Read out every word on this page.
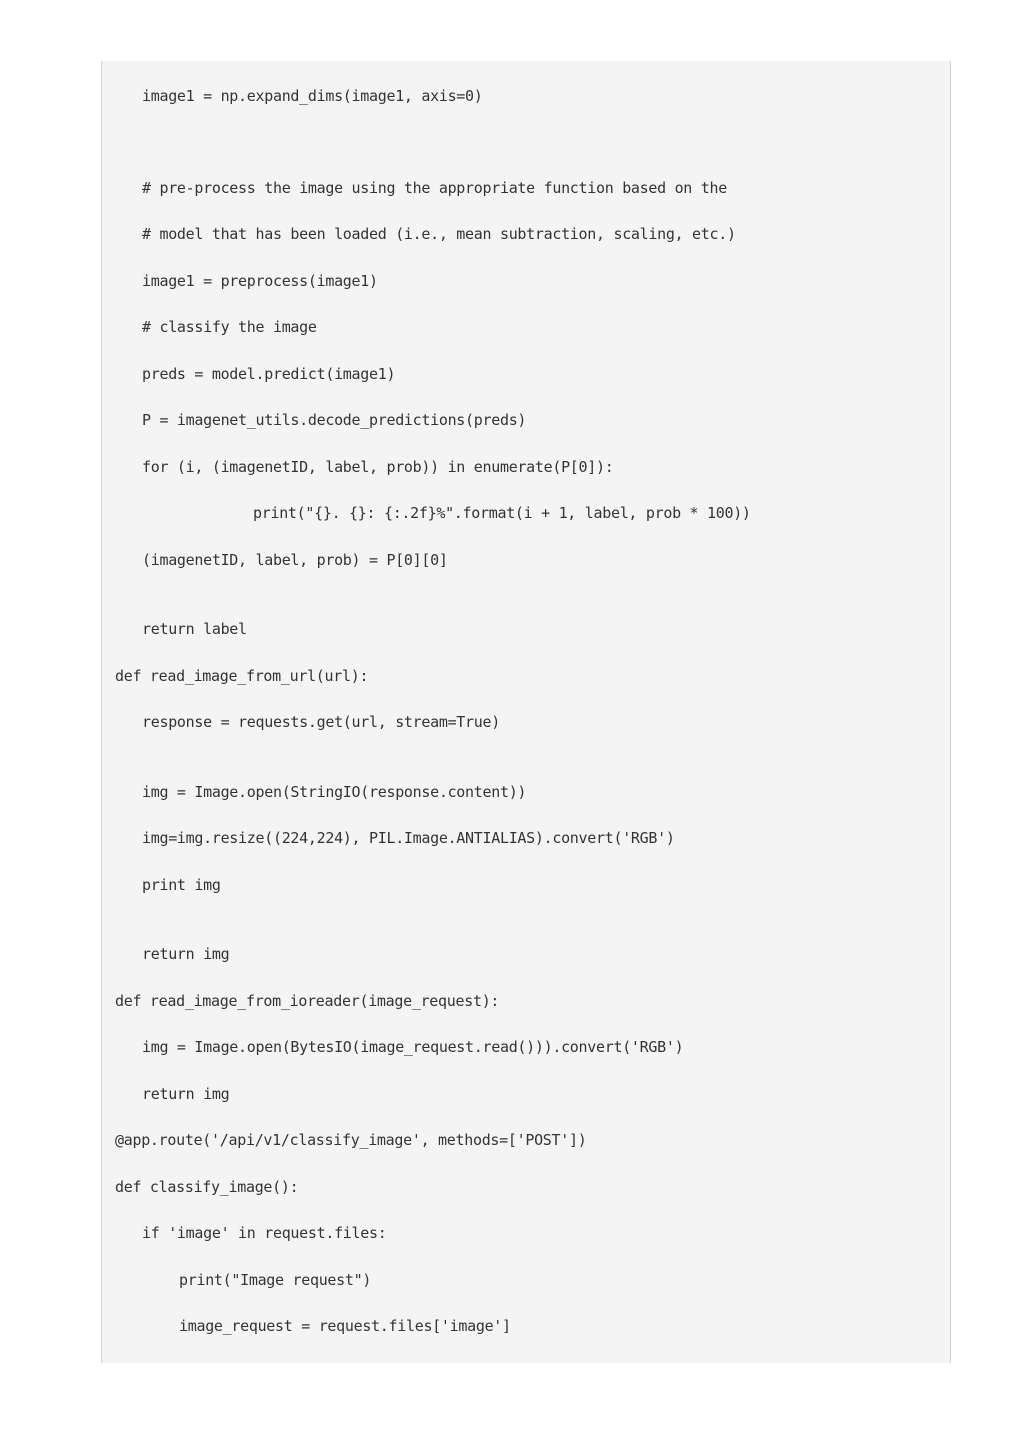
image1 = np.expand_dims(image1, axis=0)
# pre-process the image using the appropriate function based on the
# model that has been loaded (i.e., mean subtraction, scaling, etc.)
image1 = preprocess(image1)
# classify the image
preds = model.predict(image1)
P = imagenet_utils.decode_predictions(preds)
for (i, (imagenetID, label, prob)) in enumerate(P[0]):
print("{}. {}: {:.2f}%".format(i + 1, label, prob * 100))
(imagenetID, label, prob) = P[0][0]
return label
def read_image_from_url(url):
response = requests.get(url, stream=True)
img = Image.open(StringIO(response.content))
img=img.resize((224,224), PIL.Image.ANTIALIAS).convert('RGB')
print img
return img
def read_image_from_ioreader(image_request):
img = Image.open(BytesIO(image_request.read())).convert('RGB')
return img
@app.route('/api/v1/classify_image', methods=['POST'])
def classify_image():
if 'image' in request.files:
print("Image request")
image_request = request.files['image']
